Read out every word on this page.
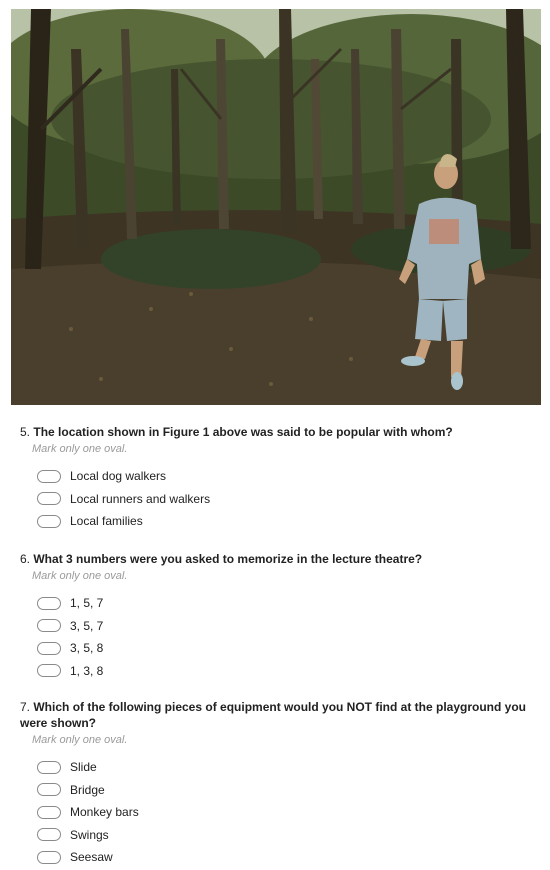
5. The location shown in Figure 1 above was said to be popular with whom?
Mark only one oval.
Local dog walkers
Local runners and walkers
Local families
6. What 3 numbers were you asked to memorize in the lecture theatre?
Mark only one oval.
1, 5, 7
3, 5, 7
3, 5, 8
1, 3, 8
7. Which of the following pieces of equipment would you NOT find at the playground you were shown?
Mark only one oval.
Slide
Bridge
Monkey bars
Swings
Seesaw
